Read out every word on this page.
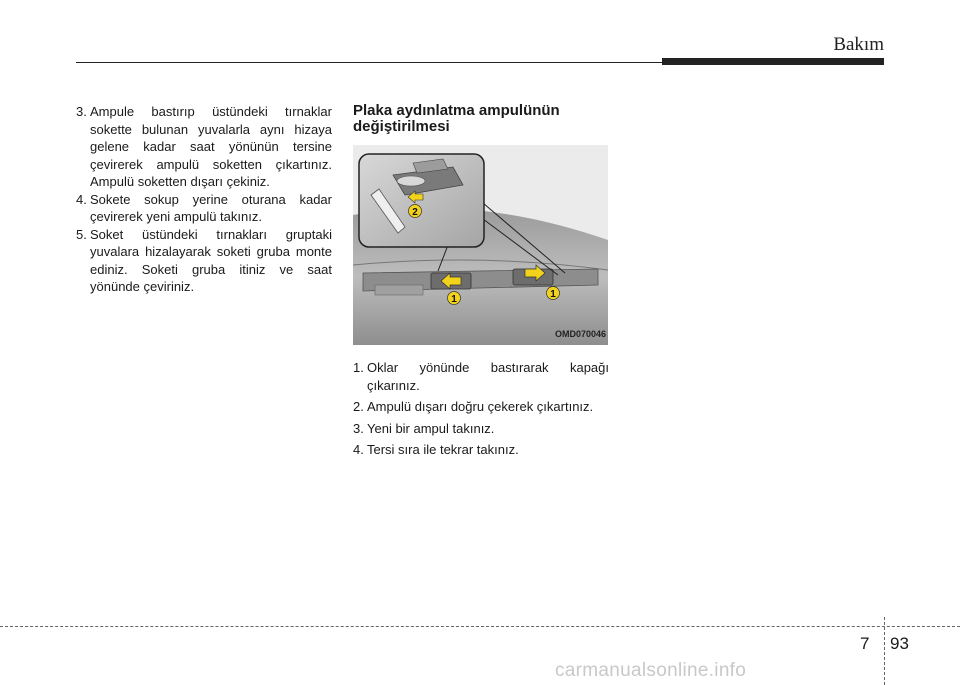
Bakım
3. Ampule bastırıp üstündeki tırnaklar sokette bulunan yuvalarla aynı hizaya gelene kadar saat yönünün tersine çevirerek ampulü soketten çıkartınız. Ampulü soketten dışarı çekiniz.
4. Sokete sokup yerine oturana kadar çevirerek yeni ampulü takınız.
5. Soket üstündeki tırnakları gruptaki yuvalara hizalayarak soketi gruba monte ediniz. Soketi gruba itiniz ve saat yönünde çeviriniz.
Plaka aydınlatma ampulünün değiştirilmesi
2
1	1
OMD070046
1. Oklar yönünde bastırarak kapağı çıkarınız.
2. Ampulü dışarı doğru çekerek çıkartınız.
3. Yeni bir ampul takınız.
4. Tersi sıra ile tekrar takınız.
7 93
carmanualsonline.info
